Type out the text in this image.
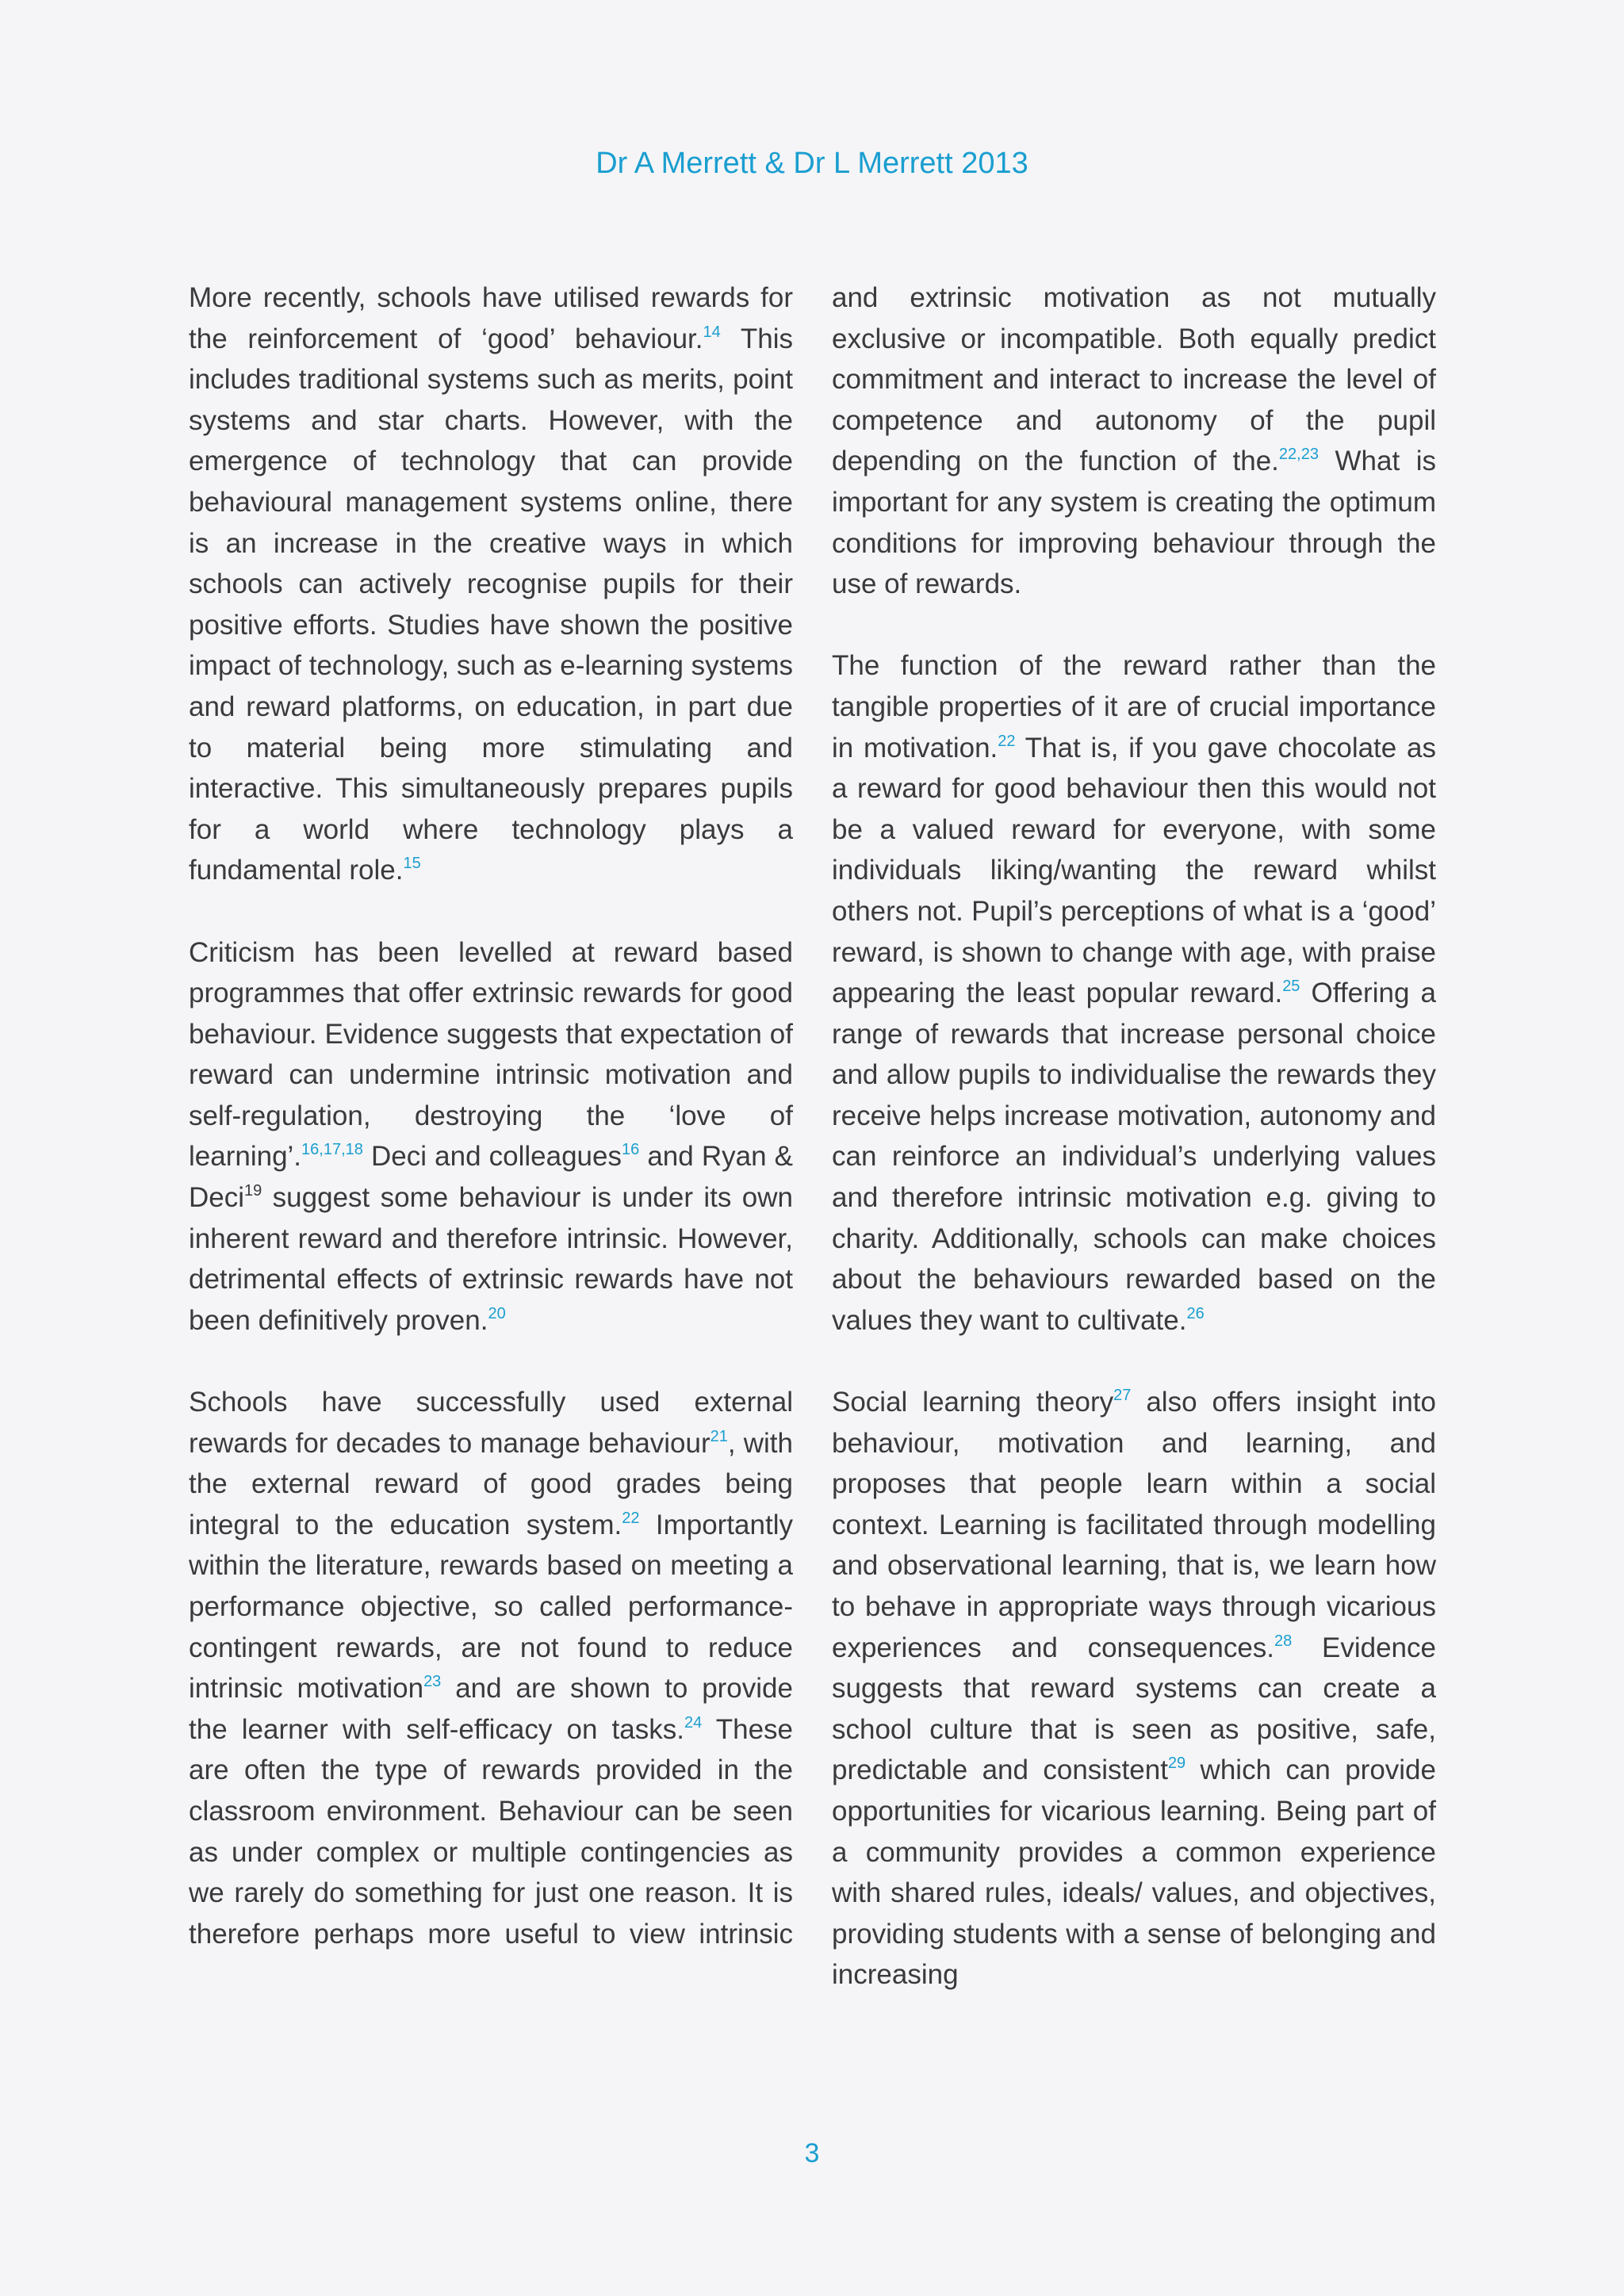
Dr A Merrett & Dr L Merrett 2013

More recently, schools have utilised rewards for the reinforcement of ‘good’ behaviour.$^{14}$ This includes traditional systems such as merits, point systems and star charts. However, with the emergence of technology that can provide behavioural management systems online, there is an increase in the creative ways in which schools can actively recognise pupils for their positive efforts. Studies have shown the positive impact of technology, such as e-learning systems and reward platforms, on education, in part due to material being more stimulating and interactive. This simultaneously prepares pupils for a world where technology plays a fundamental role.$^{15}$

Criticism has been levelled at reward based programmes that offer extrinsic rewards for good behaviour. Evidence suggests that expectation of reward can undermine intrinsic motivation and self-regulation, destroying the ‘love of learning’.$^{16,17,18}$ Deci and colleagues$^{16}$ and Ryan & Deci$^{19}$ suggest some behaviour is under its own inherent reward and therefore intrinsic. However, detrimental effects of extrinsic rewards have not been definitively proven.$^{20}$

Schools have successfully used external rewards for decades to manage behaviour$^{21}$, with the external reward of good grades being integral to the education system.$^{22}$ Importantly within the literature, rewards based on meeting a performance objective, so called performance-contingent rewards, are not found to reduce intrinsic motivation$^{23}$ and are shown to provide the learner with self-efficacy on tasks.$^{24}$ These are often the type of rewards provided in the classroom environment. Behaviour can be seen as under complex or multiple contingencies as we rarely do something for just one reason. It is therefore perhaps more useful to view intrinsic

and extrinsic motivation as not mutually exclusive or incompatible. Both equally predict commitment and interact to increase the level of competence and autonomy of the pupil depending on the function of the.$^{22,23}$ What is important for any system is creating the optimum conditions for improving behaviour through the use of rewards.

The function of the reward rather than the tangible properties of it are of crucial importance in motivation.$^{22}$ That is, if you gave chocolate as a reward for good behaviour then this would not be a valued reward for everyone, with some individuals liking/wanting the reward whilst others not. Pupil’s perceptions of what is a ‘good’ reward, is shown to change with age, with praise appearing the least popular reward.$^{25}$ Offering a range of rewards that increase personal choice and allow pupils to individualise the rewards they receive helps increase motivation, autonomy and can reinforce an individual’s underlying values and therefore intrinsic motivation e.g. giving to charity. Additionally, schools can make choices about the behaviours rewarded based on the values they want to cultivate.$^{26}$

Social learning theory$^{27}$ also offers insight into behaviour, motivation and learning, and proposes that people learn within a social context. Learning is facilitated through modelling and observational learning, that is, we learn how to behave in appropriate ways through vicarious experiences and consequences.$^{28}$ Evidence suggests that reward systems can create a school culture that is seen as positive, safe, predictable and consistent$^{29}$ which can provide opportunities for vicarious learning. Being part of a community provides a common experience with shared rules, ideals/ values, and objectives, providing students with a sense of belonging and increasing

3
